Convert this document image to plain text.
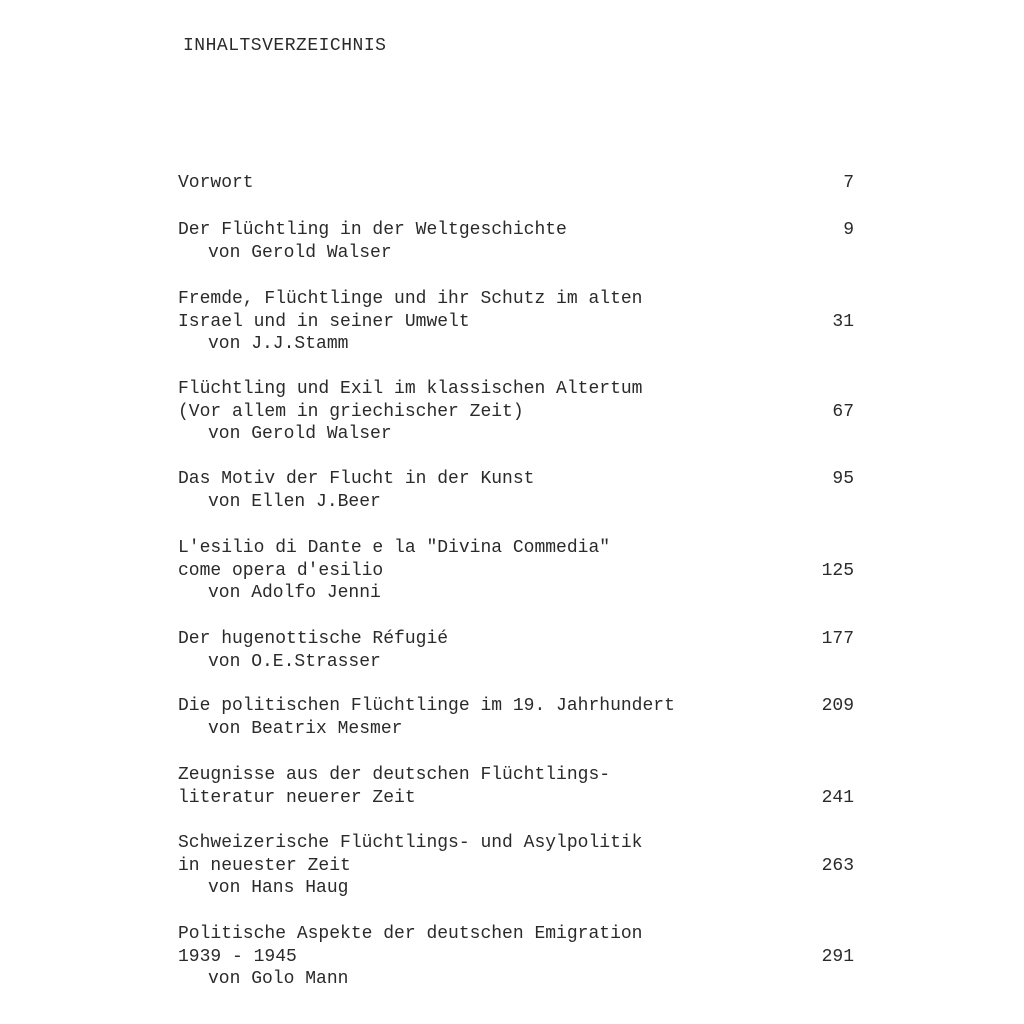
INHALTSVERZEICHNIS
Vorwort	7
Der Flüchtling in der Weltgeschichte
von Gerold Walser
9
Fremde, Flüchtlinge und ihr Schutz im alten
Israel und in seiner Umwelt
von J.J.Stamm
31
Flüchtling und Exil im klassischen Altertum
(Vor allem in griechischer Zeit)
von Gerold Walser
67
Das Motiv der Flucht in der Kunst
von Ellen J.Beer
95
L'esilio di Dante e la "Divina Commedia"
come opera d'esilio
von Adolfo Jenni
125
Der hugenottische Réfugié
von O.E.Strasser
177
Die politischen Flüchtlinge im 19. Jahrhundert
von Beatrix Mesmer
209
Zeugnisse aus der deutschen Flüchtlings-
literatur neuerer Zeit	241
Schweizerische Flüchtlings- und Asylpolitik
in neuester Zeit
von Hans Haug
263
Politische Aspekte der deutschen Emigration
1939 - 1945
von Golo Mann
291
